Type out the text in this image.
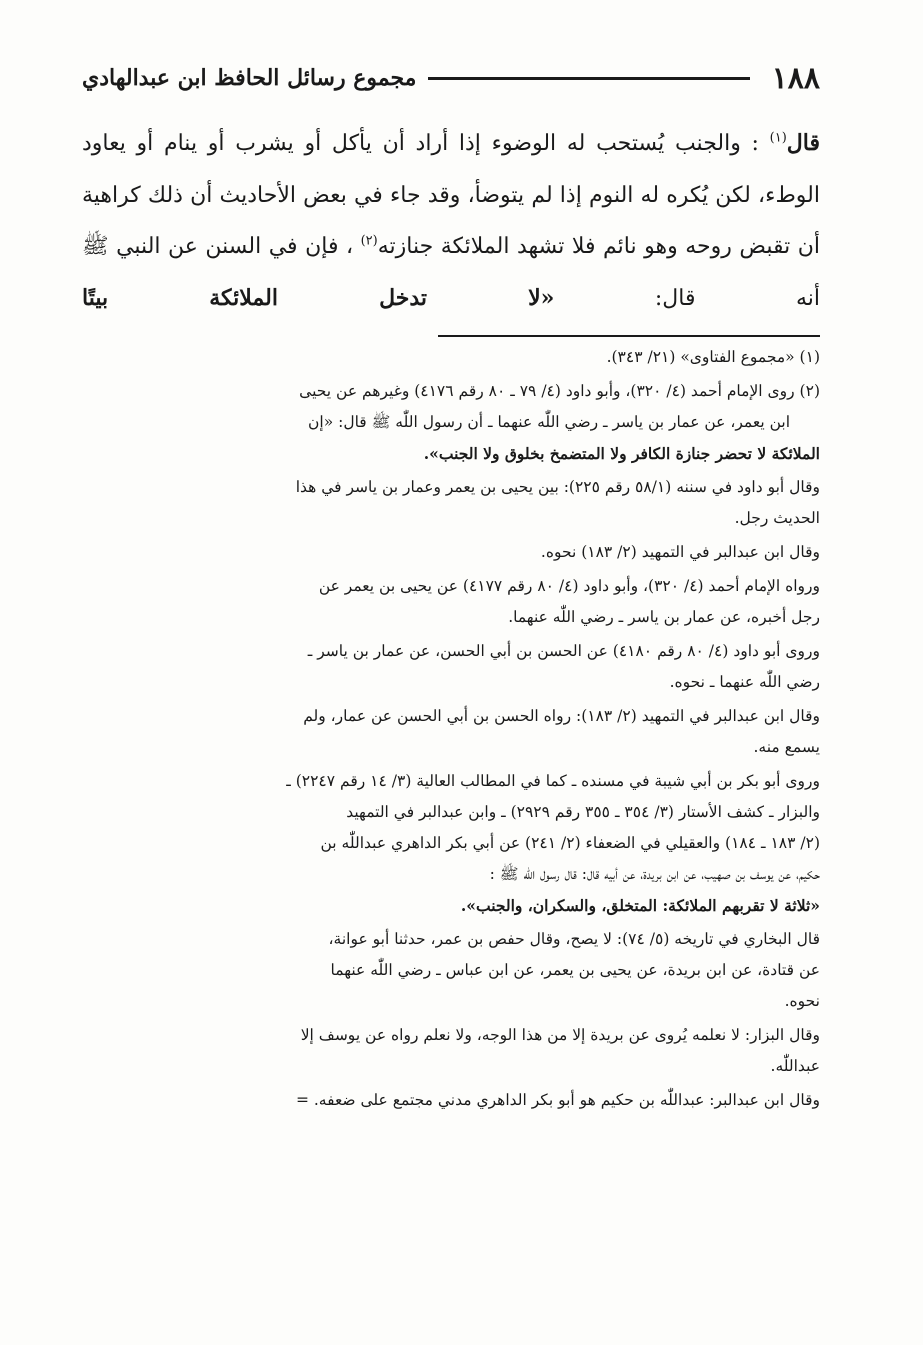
١٨٨
مجموع رسائل الحافظ ابن عبدالهادي

قال$^{(١)}$ : والجنب يُستحب له الوضوء إذا أراد أن يأكل أو يشرب أو ينام أو يعاود الوطء، لكن يُكره له النوم إذا لم يتوضأ، وقد جاء في بعض الأحاديث أن ذلك كراهية أن تقبض روحه وهو نائم فلا تشهد الملائكة جنازته$^{(٢)}$ ، فإن في السنن عن النبي ﷺ أنه قال: «لا تدخل الملائكة بيتًا

(١) «مجموع الفتاوى» (٢١/ ٣٤٣).
(٢) روى الإمام أحمد (٤/ ٣٢٠)، وأبو داود (٤/ ٧٩ ـ ٨٠ رقم ٤١٧٦) وغيرهم عن يحيى
ابن يعمر، عن عمار بن ياسر ـ رضي اللّٰه عنهما ـ أن رسول اللّٰه ﷺ قال: «إن
الملائكة لا تحضر جنازة الكافر ولا المتضمخ بخلوق ولا الجنب».
وقال أبو داود في سننه (٥٨/١ رقم ٢٢٥): بين يحيى بن يعمر وعمار بن ياسر في هذا
الحديث رجل.
وقال ابن عبدالبر في التمهيد (٢/ ١٨٣) نحوه.
ورواه الإمام أحمد (٤/ ٣٢٠)، وأبو داود (٤/ ٨٠ رقم ٤١٧٧) عن يحيى بن يعمر عن
رجل أخبره، عن عمار بن ياسر ـ رضي اللّٰه عنهما.
وروى أبو داود (٤/ ٨٠ رقم ٤١٨٠) عن الحسن بن أبي الحسن، عن عمار بن ياسر ـ
رضي اللّٰه عنهما ـ نحوه.
وقال ابن عبدالبر في التمهيد (٢/ ١٨٣): رواه الحسن بن أبي الحسن عن عمار، ولم
يسمع منه.
وروى أبو بكر بن أبي شيبة في مسنده ـ كما في المطالب العالية (٣/ ١٤ رقم ٢٢٤٧) ـ
والبزار ـ كشف الأستار (٣/ ٣٥٤ ـ ٣٥٥ رقم ٢٩٢٩) ـ وابن عبدالبر في التمهيد
(٢/ ١٨٣ ـ ١٨٤) والعقيلي في الضعفاء (٢/ ٢٤١) عن أبي بكر الداهري عبداللّٰه بن
حكيم، عن يوسف بن صهيب، عن ابن بريدة، عن أبيه قال: قال رسول اللّٰه ﷺ :
«ثلاثة لا تقربهم الملائكة: المتخلق، والسكران، والجنب».
قال البخاري في تاريخه (٥/ ٧٤): لا يصح، وقال حفص بن عمر، حدثنا أبو عوانة،
عن قتادة، عن ابن بريدة، عن يحيى بن يعمر، عن ابن عباس ـ رضي اللّٰه عنهما
نحوه.
وقال البزار: لا نعلمه يُروى عن بريدة إلا من هذا الوجه، ولا نعلم رواه عن يوسف إلا
عبداللّٰه.
وقال ابن عبدالبر: عبداللّٰه بن حكيم هو أبو بكر الداهري مدني مجتمع على ضعفه. =
